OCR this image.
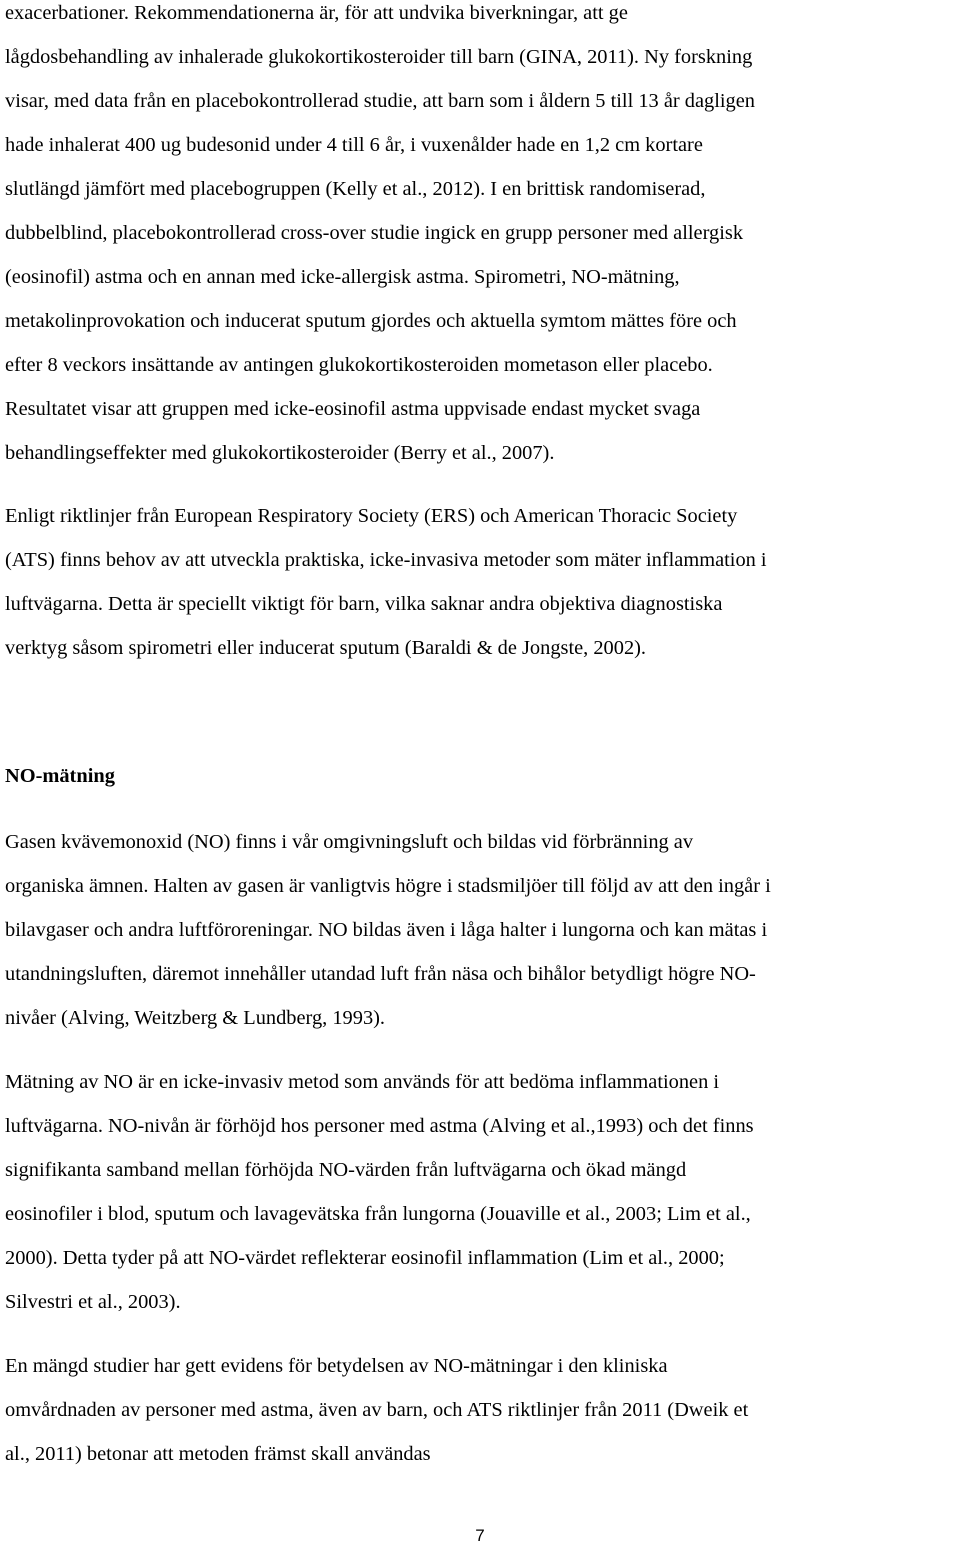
exacerbationer. Rekommendationerna är, för att undvika biverkningar, att ge
lågdosbehandling av inhalerade glukokortikosteroider till barn (GINA, 2011). Ny forskning
visar, med data från en placebokontrollerad studie, att barn som i åldern 5 till 13 år dagligen
hade inhalerat 400 ug budesonid under 4 till 6 år, i vuxenålder hade en 1,2 cm kortare
slutlängd jämfört med placebogruppen (Kelly et al., 2012). I en brittisk randomiserad,
dubbelblind, placebokontrollerad cross-over studie ingick en grupp personer med allergisk
(eosinofil) astma och en annan med icke-allergisk astma. Spirometri, NO-mätning,
metakolinprovokation och inducerat sputum gjordes och aktuella symtom mättes före och
efter 8 veckors insättande av antingen glukokortikosteroiden mometason eller placebo.
Resultatet visar att gruppen med icke-eosinofil astma uppvisade endast mycket svaga
behandlingseffekter med glukokortikosteroider (Berry et al., 2007).
Enligt riktlinjer från European Respiratory Society (ERS) och American Thoracic Society
(ATS) finns behov av att utveckla praktiska, icke-invasiva metoder som mäter inflammation i
luftvägarna. Detta är speciellt viktigt för barn, vilka saknar andra objektiva diagnostiska
verktyg såsom spirometri eller inducerat sputum (Baraldi & de Jongste, 2002).
NO-mätning
Gasen kvävemonoxid (NO) finns i vår omgivningsluft och bildas vid förbränning av
organiska ämnen. Halten av gasen är vanligtvis högre i stadsmiljöer till följd av att den ingår i
bilavgaser och andra luftföroreningar. NO bildas även i låga halter i lungorna och kan mätas i
utandningsluften, däremot innehåller utandad luft från näsa och bihålor betydligt högre NO-
nivåer (Alving, Weitzberg & Lundberg, 1993).
Mätning av NO är en icke-invasiv metod som används för att bedöma inflammationen i
luftvägarna. NO-nivån är förhöjd hos personer med astma (Alving et al.,1993) och det finns
signifikanta samband mellan förhöjda NO-värden från luftvägarna och ökad mängd
eosinofiler i blod, sputum och lavagevätska från lungorna (Jouaville et al., 2003; Lim et al.,
2000). Detta tyder på att NO-värdet reflekterar eosinofil inflammation (Lim et al., 2000;
Silvestri et al., 2003).
En mängd studier har gett evidens för betydelsen av NO-mätningar i den kliniska
omvårdnaden av personer med astma, även av barn, och ATS riktlinjer från 2011 (Dweik et
al., 2011) betonar att metoden främst skall användas
7
